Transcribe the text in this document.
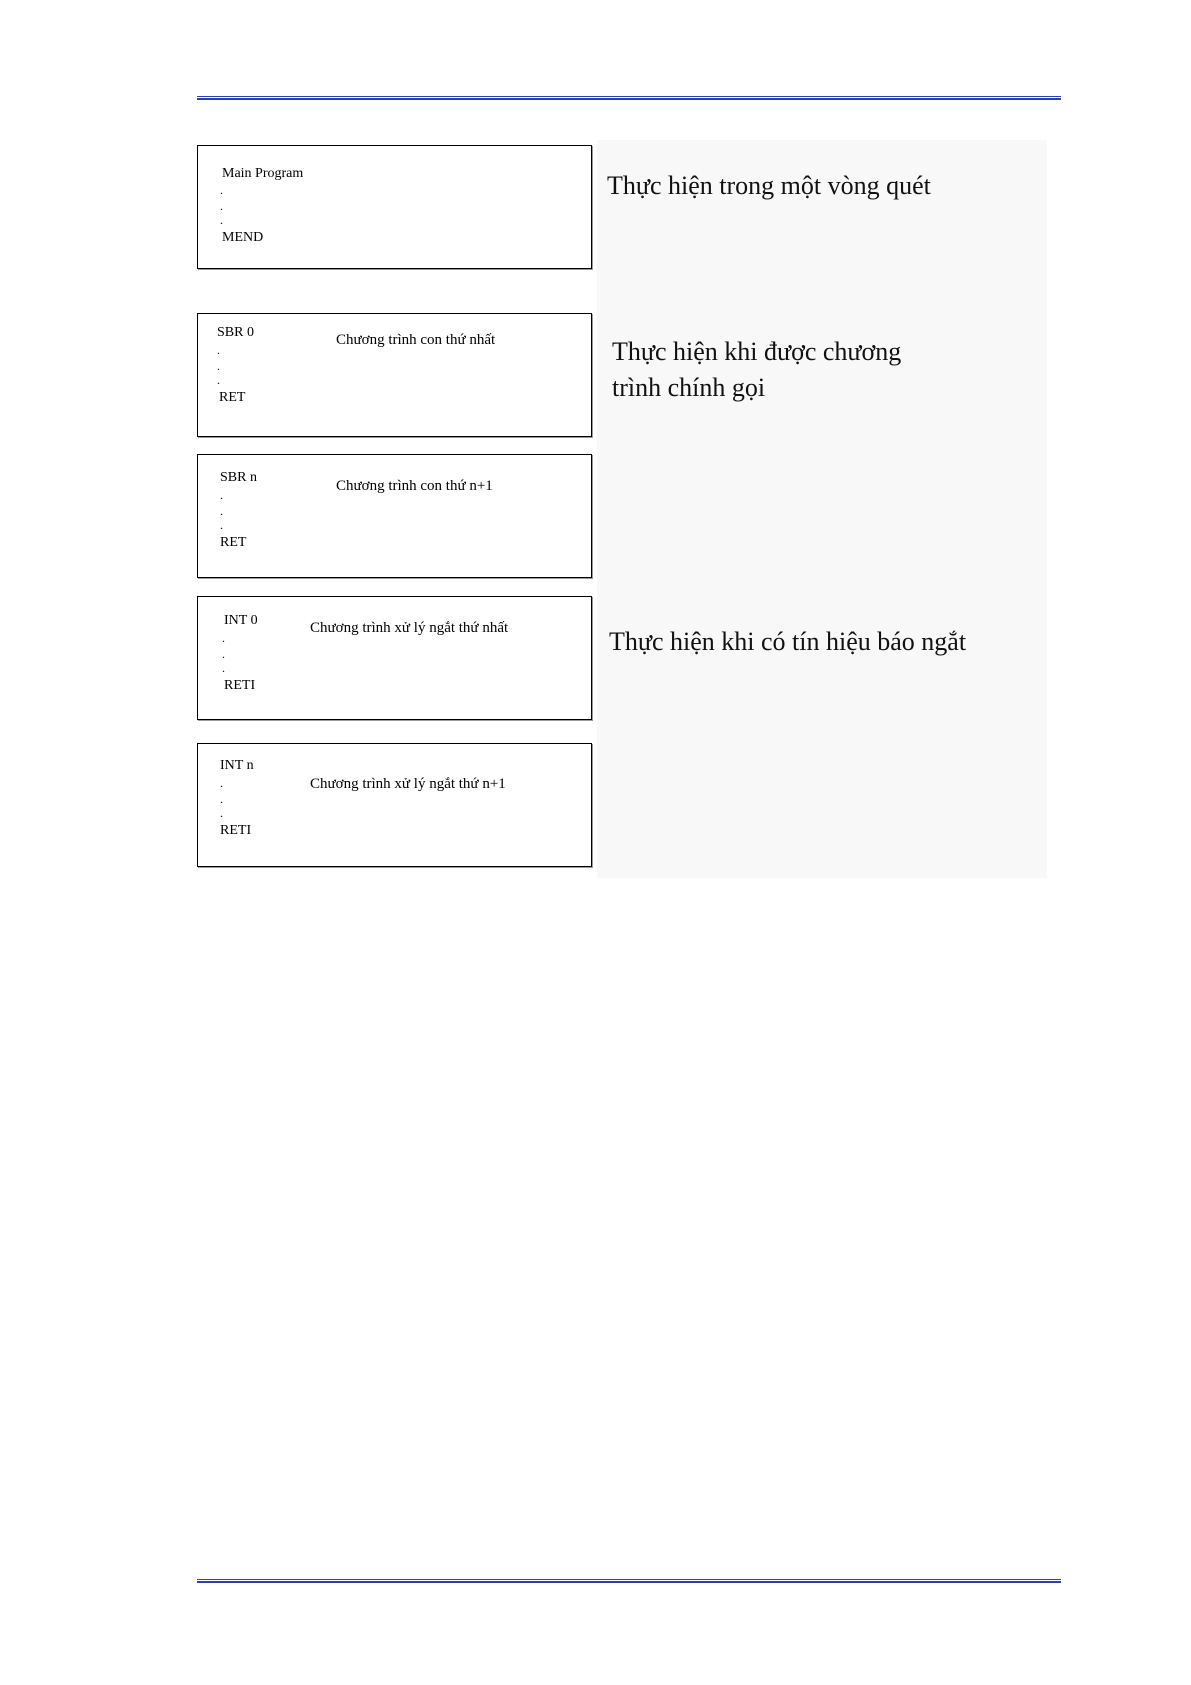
Main Program
.
.
.
MEND
Thực hiện trong một vòng quét
SBR 0	Chương trình con thứ nhất
.
.
.
RET
Thực hiện khi được chương
trình chính gọi
SBR n
Chương trình con thứ n+1
.
.
.
RET
INT 0	Chương trình xử lý ngắt thứ nhất
.
.
.
RETI
Thực hiện khi có tín hiệu báo ngắt
INT n
Chương trình xử lý ngắt thứ n+1
.
.
.
RETI
